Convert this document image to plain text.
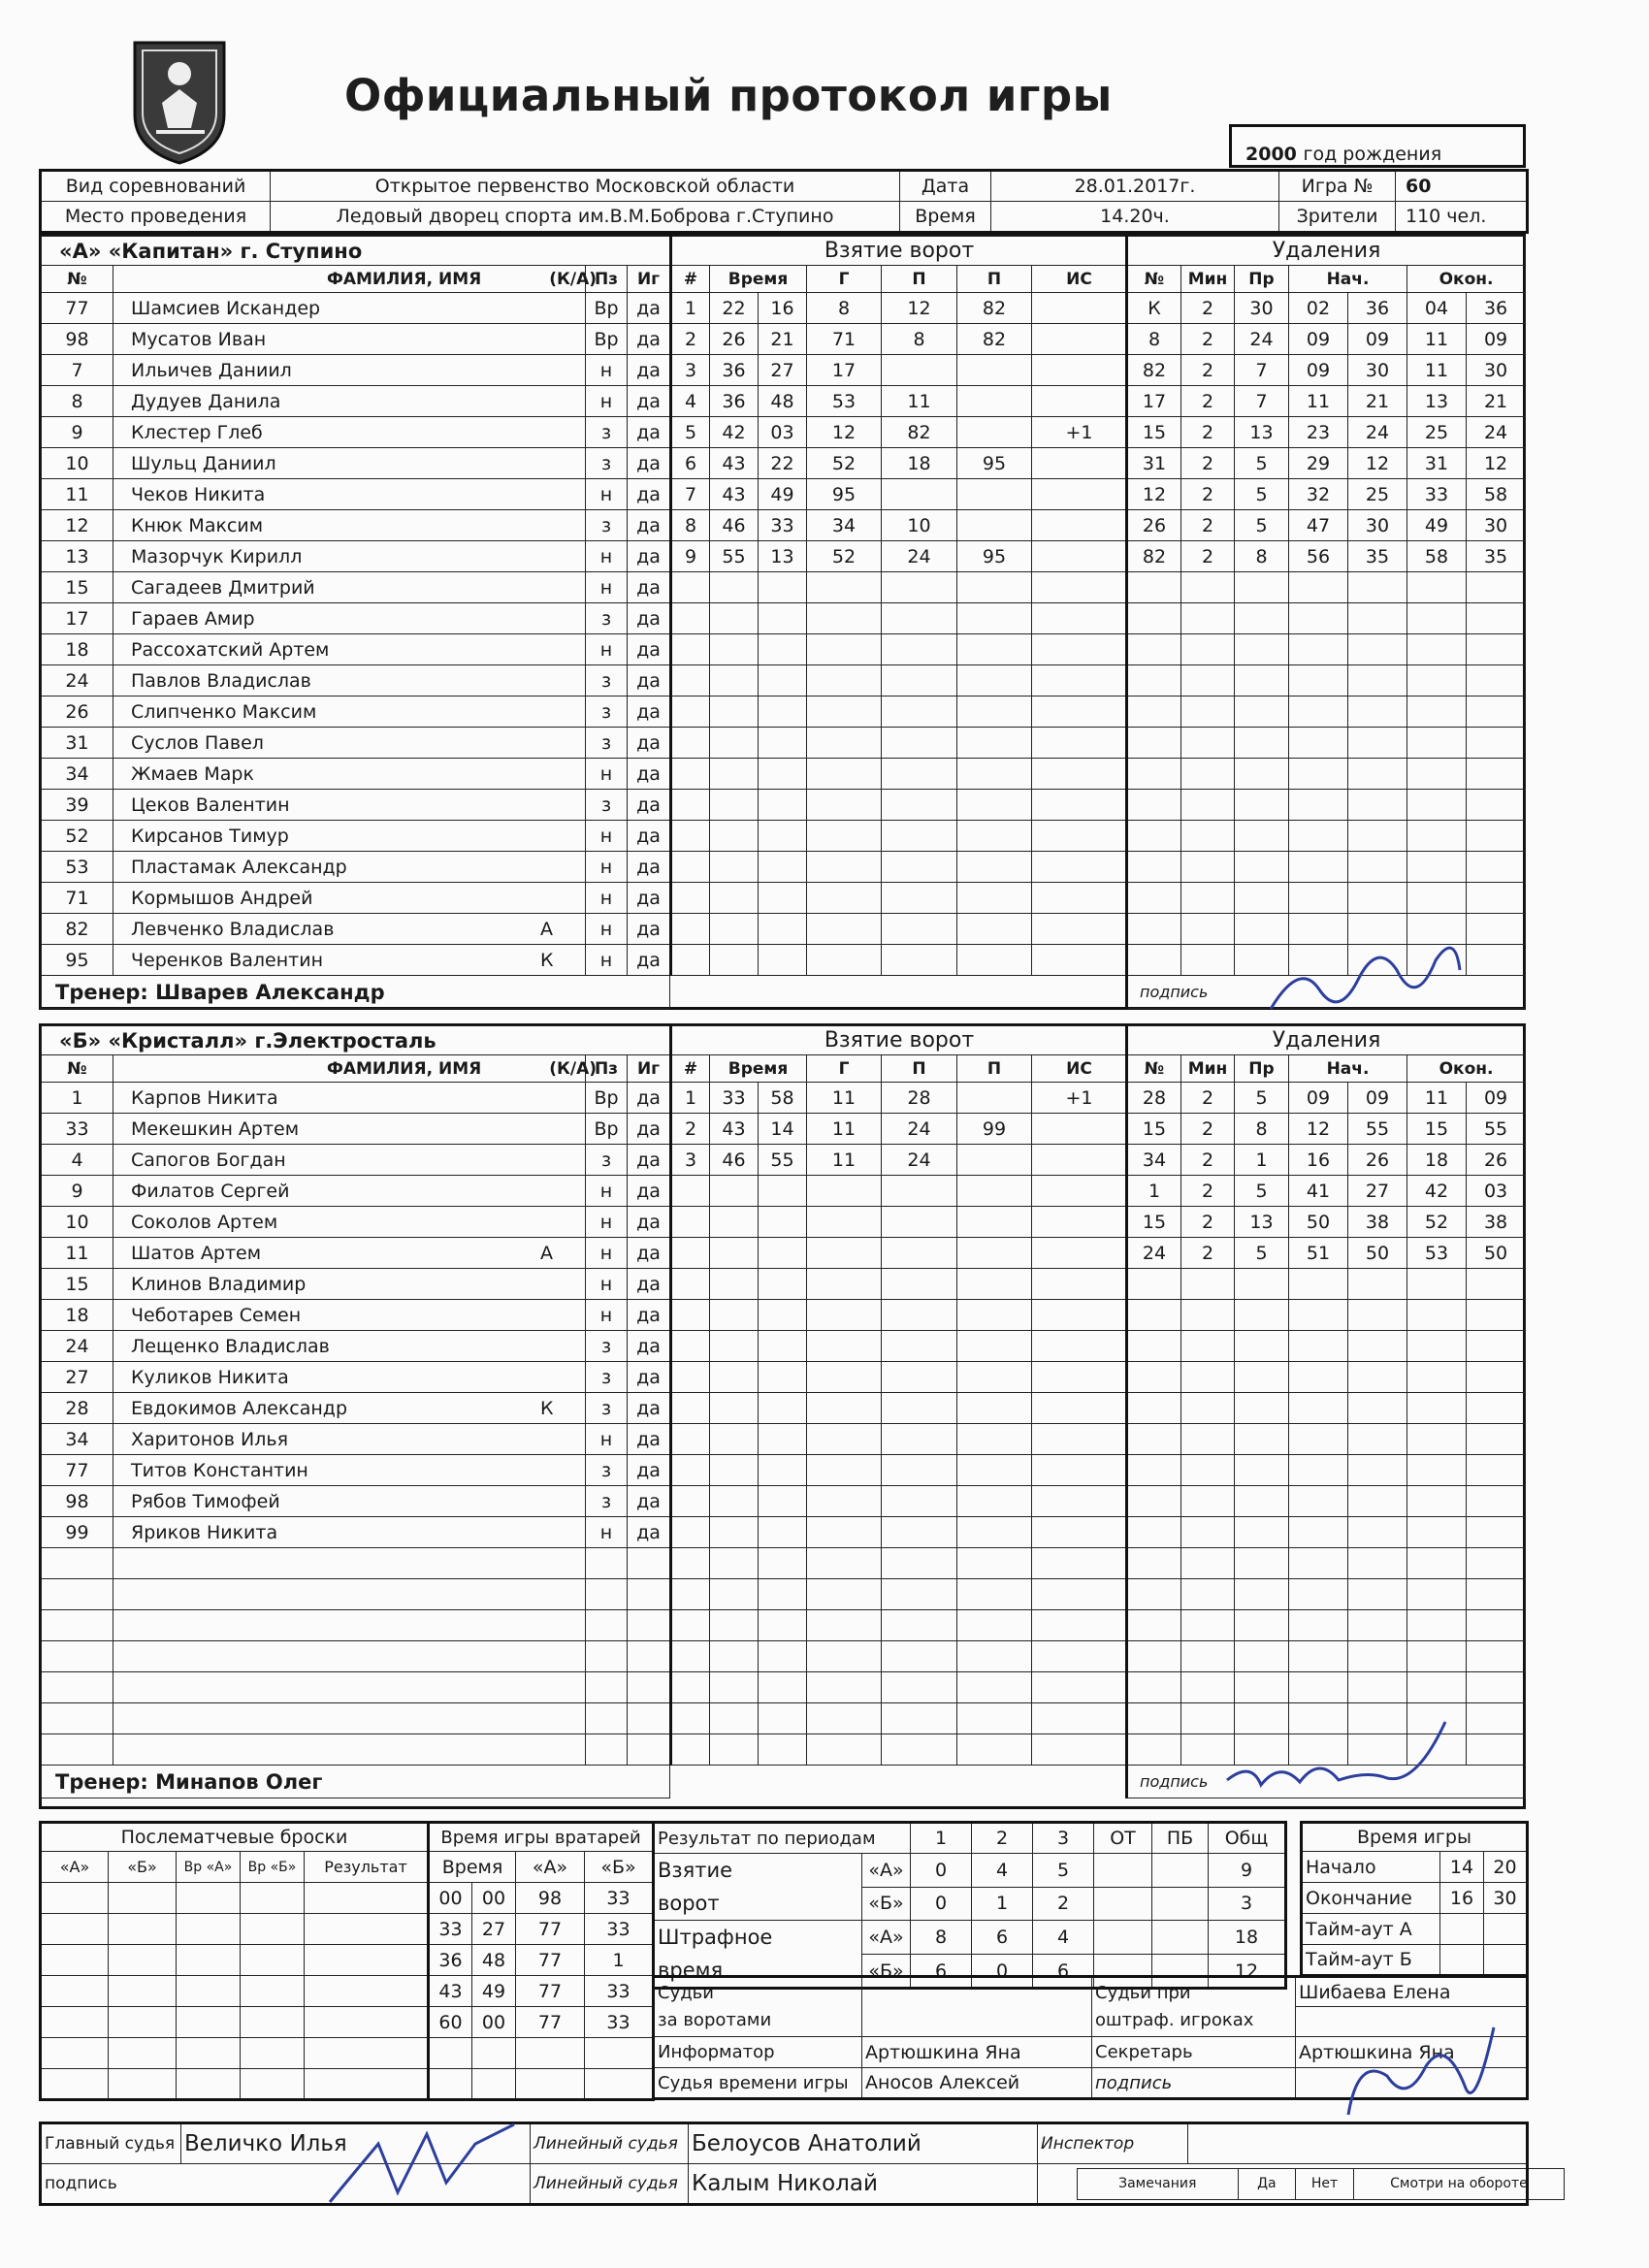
Официальный протокол игры
2000 год рождения
Вид соревнований	Открытое первенство Московской области	Дата	28.01.2017г.	Игра №	60
Место проведения	Ледовый дворец спорта им.В.М.Боброва г.Ступино	Время	14.20ч.	Зрители	110 чел.
«А» «Капитан» г. Ступино			
№	ФАМИЛИЯ, ИМЯ (К/А)	Пз	Иг
77	Шамсиев Искандер	Вр	да
98	Мусатов Иван	Вр	да
7	Ильичев Даниил	н	да
8	Дудуев Данила	н	да
9	Клестер Глеб	з	да
10	Шульц Даниил	з	да
11	Чеков Никита	н	да
12	Кнюк Максим	з	да
13	Мазорчук Кирилл	н	да
15	Сагадеев Дмитрий	н	да
17	Гараев Амир	з	да
18	Рассохатский Артем	н	да
24	Павлов Владислав	з	да
26	Слипченко Максим	з	да
31	Суслов Павел	з	да
34	Жмаев Марк	н	да
39	Цеков Валентин	з	да
52	Кирсанов Тимур	н	да
53	Пластамак Александр	н	да
71	Кормышов Андрей	н	да
82	Левченко Владислав А	н	да
95	Черенков Валентин К	н	да
Тренер: Шварев Александр			
Взятие ворот						
#	Время		Г	П	П	ИС
1	22	16	8	12	82	
2	26	21	71	8	82	
3	36	27	17			
4	36	48	53	11		
5	42	03	12	82		+1
6	43	22	52	18	95	
7	43	49	95			
8	46	33	34	10		
9	55	13	52	24	95	

Удаления						
№	Мин	Пр	Нач.		Окон.	
К	2	30	02	36	04	36
8	2	24	09	09	11	09
82	2	7	09	30	11	30
17	2	7	11	21	13	21
15	2	13	23	24	25	24
31	2	5	29	12	31	12
12	2	5	32	25	33	58
26	2	5	47	30	49	30
82	2	8	56	35	58	35

подпись						
«Б» «Кристалл» г.Электросталь			
№	ФАМИЛИЯ, ИМЯ (К/А)	Пз	Иг
1	Карпов Никита	Вр	да
33	Мекешкин Артем	Вр	да
4	Сапогов Богдан	з	да
9	Филатов Сергей	н	да
10	Соколов Артем	н	да
11	Шатов Артем А	н	да
15	Клинов Владимир	н	да
18	Чеботарев Семен	н	да
24	Лещенко Владислав	з	да
27	Куликов Никита	з	да
28	Евдокимов Александр К	з	да
34	Харитонов Илья	н	да
77	Титов Константин	з	да
98	Рябов Тимофей	з	да
99	Яриков Никита	н	да

Тренер: Минапов Олег			
Взятие ворот						
#	Время		Г	П	П	ИС
1	33	58	11	28		+1
2	43	14	11	24	99	
3	46	55	11	24		

Удаления						
№	Мин	Пр	Нач.		Окон.	
28	2	5	09	09	11	09
15	2	8	12	55	15	55
34	2	1	16	26	18	26
1	2	5	41	27	42	03
15	2	13	50	38	52	38
24	2	5	51	50	53	50

подпись						
Послематчевые броски				
«А»	«Б»	Вр «А»	Вр «Б»	Результат

Время игры вратарей			
Время		«А»	«Б»
00	00	98	33
33	27	77	33
36	48	77	1
43	49	77	33
60	00	77	33

Результат по периодам		1	2	3	ОТ	ПБ	Общ
Взятие
ворот	«А»	0	4	5			9
	«Б»	0	1	2			3
Штрафное
время	«А»	8	6	4			18
	«Б»	6	0	6			12
Время игры		
Начало	14	20
Окончание	16	30
Тайм-аут А		
Тайм-аут Б		
Судьи
за воротами		Судьи при
оштраф. игроках	Шибаева Елена

Информатор	Артюшкина Яна	Секретарь	Артюшкина Яна
Судья времени игры	Аносов Алексей	подпись	
Главный судья	Величко Илья	Линейный судья	Белоусов Анатолий	Инспектор	
подпись	Линейный судья	Калым Николай		Замечания	Да	Нет	Смотри на обороте
